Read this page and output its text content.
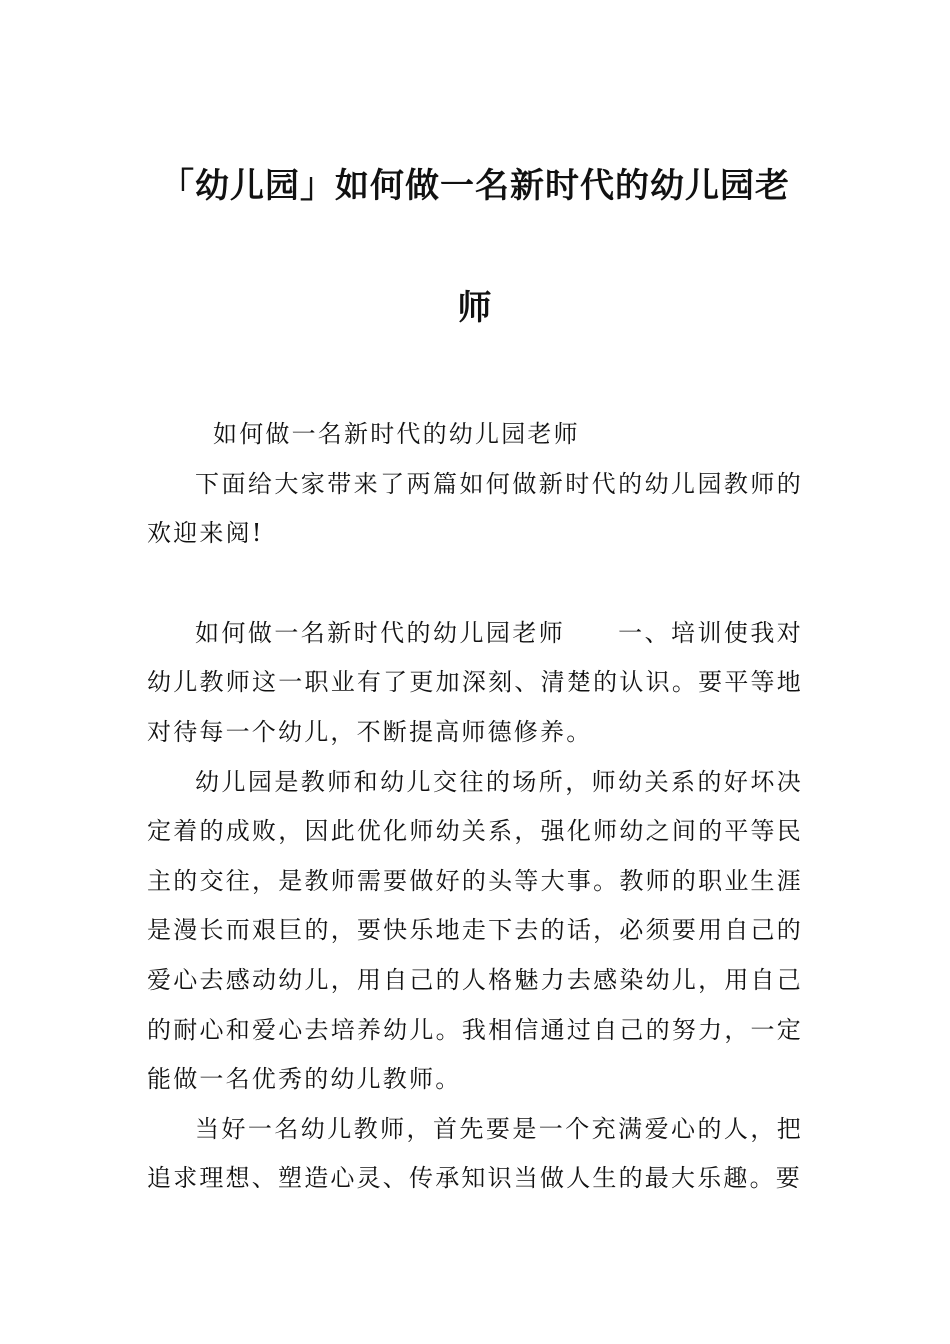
「幼儿园」如何做一名新时代的幼儿园老
师

如何做一名新时代的幼儿园老师

下面给大家带来了两篇如何做新时代的幼儿园教师的欢迎来阅!

如何做一名新时代的幼儿园老师　　一、培训使我对幼儿教师这一职业有了更加深刻、清楚的认识。要平等地对待每一个幼儿，不断提高师德修养。

幼儿园是教师和幼儿交往的场所，师幼关系的好坏决定着的成败，因此优化师幼关系，强化师幼之间的平等民主的交往，是教师需要做好的头等大事。教师的职业生涯是漫长而艰巨的，要快乐地走下去的话，必须要用自己的爱心去感动幼儿，用自己的人格魅力去感染幼儿，用自己的耐心和爱心去培养幼儿。我相信通过自己的努力，一定能做一名优秀的幼儿教师。

当好一名幼儿教师，首先要是一个充满爱心的人，把追求理想、塑造心灵、传承知识当做人生的最大乐趣。要
